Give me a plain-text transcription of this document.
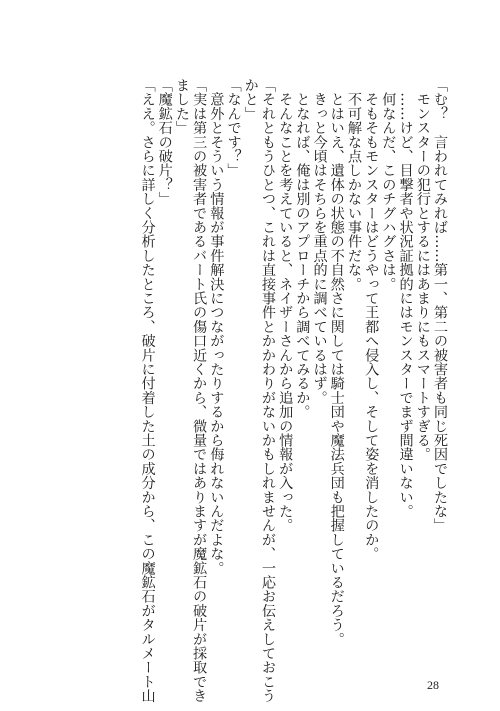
「む？　言われてみれば……第一、第二の被害者も同じ死因でしたな」
　モンスターの犯行とするにはあまりにもスマートすぎる。
　……けど、目撃者や状況証拠的にはモンスターでまず間違いない。
　何なんだ、このチグハグさは。
　そもそもモンスターはどうやって王都へ侵入し、そして姿を消したのか。
　不可解な点しかない事件だな。
　とはいえ、遺体の状態の不自然さに関しては騎士団や魔法兵団も把握しているだろう。
　きっと今頃はそちらを重点的に調べているはず。
　となれば、俺は別のアプローチから調べてみるか。
　そんなことを考えていると、ネイザーさんから追加の情報が入った。
「それともうひとつ、これは直接事件とかかわりがないかもしれませんが、一応お伝えしておこう
かと」
「なんです？」
　意外とそういう情報が事件解決につながったりするから侮れないんだよな。
「実は第三の被害者であるバート氏の傷口近くから、微量ではありますが魔鉱石の破片が採取でき
ました」
「魔鉱石の破片？」
「ええ。さらに詳しく分析したところ、破片に付着した土の成分から、この魔鉱石がタルメート山	28
